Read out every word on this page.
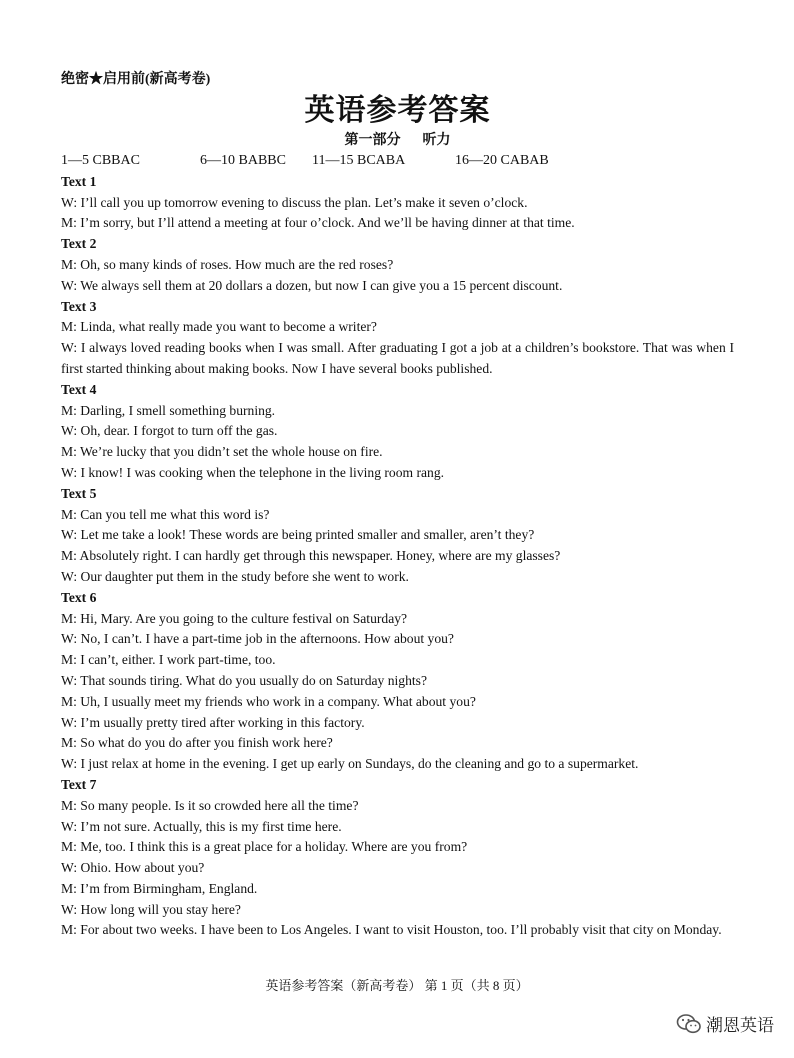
绝密★启用前(新高考卷)
英语参考答案
第一部分 听力
1—5 CBBAC	6—10 BABBC	11—15 BCABA	16—20 CABAB
Text 1
W: I’ll call you up tomorrow evening to discuss the plan. Let’s make it seven o’clock.
M: I’m sorry, but I’ll attend a meeting at four o’clock. And we’ll be having dinner at that time.
Text 2
M: Oh, so many kinds of roses. How much are the red roses?
W: We always sell them at 20 dollars a dozen, but now I can give you a 15 percent discount.
Text 3
M: Linda, what really made you want to become a writer?
W: I always loved reading books when I was small. After graduating I got a job at a children’s bookstore. That was when I first started thinking about making books. Now I have several books published.
Text 4
M: Darling, I smell something burning.
W: Oh, dear. I forgot to turn off the gas.
M: We’re lucky that you didn’t set the whole house on fire.
W: I know! I was cooking when the telephone in the living room rang.
Text 5
M: Can you tell me what this word is?
W: Let me take a look! These words are being printed smaller and smaller, aren’t they?
M: Absolutely right. I can hardly get through this newspaper. Honey, where are my glasses?
W: Our daughter put them in the study before she went to work.
Text 6
M: Hi, Mary. Are you going to the culture festival on Saturday?
W: No, I can’t. I have a part-time job in the afternoons. How about you?
M: I can’t, either. I work part-time, too.
W: That sounds tiring. What do you usually do on Saturday nights?
M: Uh, I usually meet my friends who work in a company. What about you?
W: I’m usually pretty tired after working in this factory.
M: So what do you do after you finish work here?
W: I just relax at home in the evening. I get up early on Sundays, do the cleaning and go to a supermarket.
Text 7
M: So many people. Is it so crowded here all the time?
W: I’m not sure. Actually, this is my first time here.
M: Me, too. I think this is a great place for a holiday. Where are you from?
W: Ohio. How about you?
M: I’m from Birmingham, England.
W: How long will you stay here?
M: For about two weeks. I have been to Los Angeles. I want to visit Houston, too. I’ll probably visit that city on Monday.
英语参考答案（新高考卷） 第 1 页（共 8 页）
潮恩英语
